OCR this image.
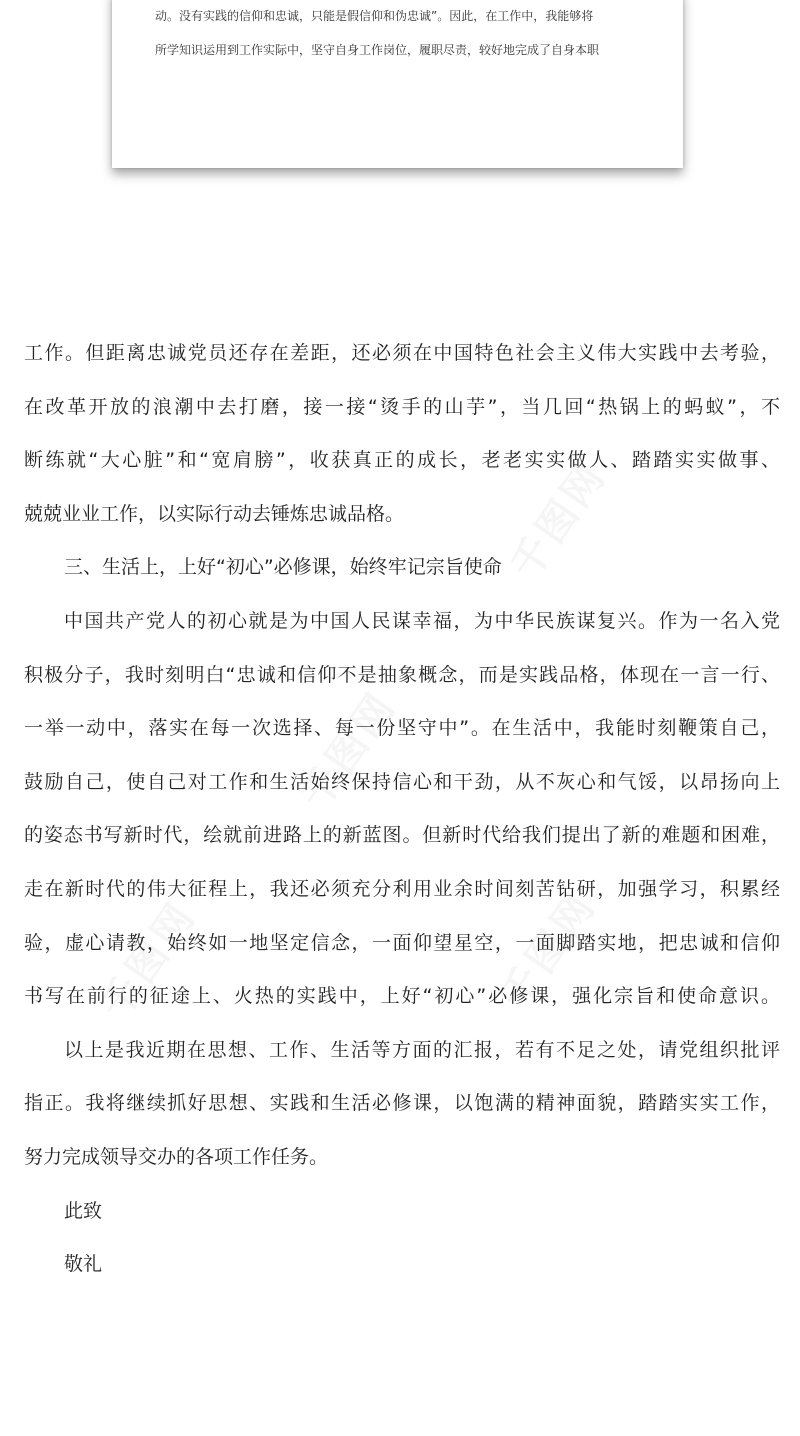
动。没有实践的信仰和忠诚，只能是假信仰和伪忠诚”。因此，在工作中，我能够将

所学知识运用到工作实际中，坚守自身工作岗位，履职尽责，较好地完成了自身本职

千图网
千图网
千图网
千图网

工作。但距离忠诚党员还存在差距，还必须在中国特色社会主义伟大实践中去考验，

在改革开放的浪潮中去打磨，接一接“烫手的山芋”，当几回“热锅上的蚂蚁”，不

断练就“大心脏”和“宽肩膀”，收获真正的成长，老老实实做人、踏踏实实做事、

兢兢业业工作，以实际行动去锤炼忠诚品格。

三、生活上，上好“初心”必修课，始终牢记宗旨使命

中国共产党人的初心就是为中国人民谋幸福，为中华民族谋复兴。作为一名入党

积极分子，我时刻明白“忠诚和信仰不是抽象概念，而是实践品格，体现在一言一行、

一举一动中，落实在每一次选择、每一份坚守中”。在生活中，我能时刻鞭策自己，

鼓励自己，使自己对工作和生活始终保持信心和干劲，从不灰心和气馁，以昂扬向上

的姿态书写新时代，绘就前进路上的新蓝图。但新时代给我们提出了新的难题和困难，

走在新时代的伟大征程上，我还必须充分利用业余时间刻苦钻研，加强学习，积累经

验，虚心请教，始终如一地坚定信念，一面仰望星空，一面脚踏实地，把忠诚和信仰

书写在前行的征途上、火热的实践中，上好“初心”必修课，强化宗旨和使命意识。

以上是我近期在思想、工作、生活等方面的汇报，若有不足之处，请党组织批评

指正。我将继续抓好思想、实践和生活必修课，以饱满的精神面貌，踏踏实实工作，

努力完成领导交办的各项工作任务。

此致

敬礼
